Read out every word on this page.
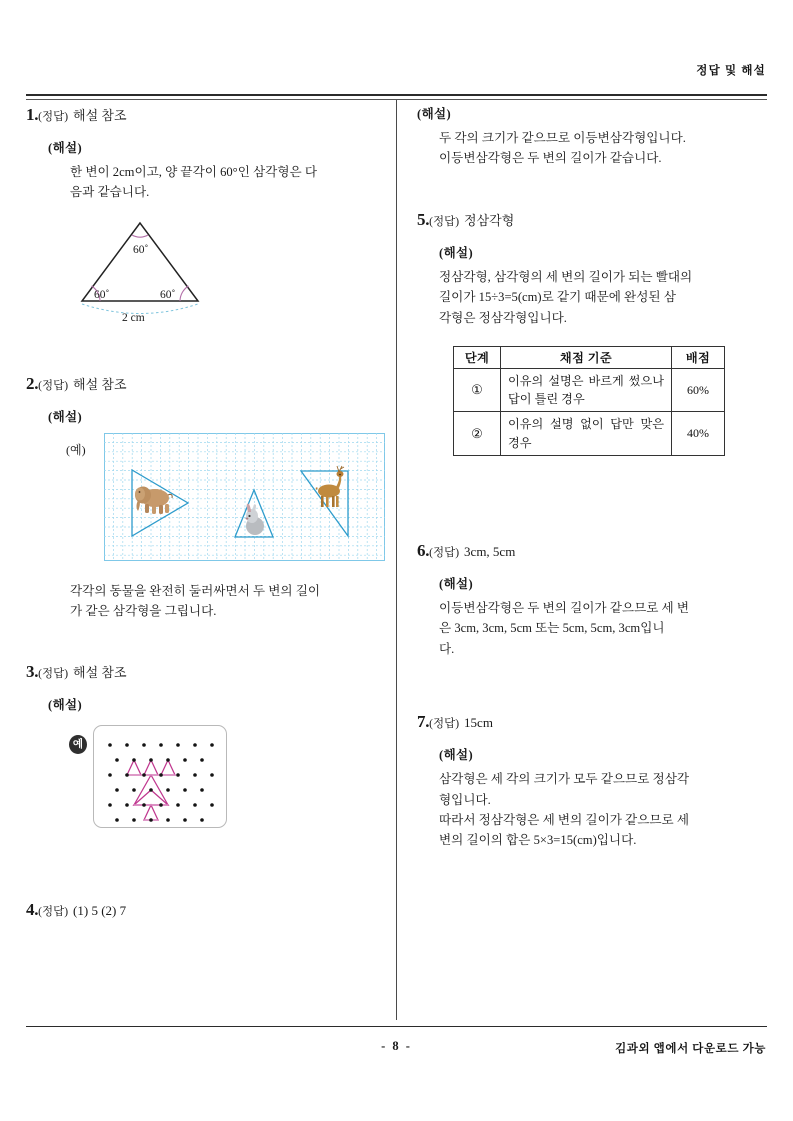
정답 및 해설
1.(정답) 해설 참조
(해설)

한 변이 2cm이고, 양 끝각이 60°인 삼각형은 다

음과 같습니다.

60˚
60˚	60˚
2 cm
2.(정답) 해설 참조
(해설)
(예)

각각의 동물을 완전히 둘러싸면서 두 변의 길이

가 같은 삼각형을 그립니다.

3.(정답) 해설 참조
(해설)
예
4.(정답) (1) 5 (2) 7
(해설)

두 각의 크기가 같으므로 이등변삼각형입니다.

이등변삼각형은 두 변의 길이가 같습니다.

5.(정답) 정삼각형
(해설)

정삼각형, 삼각형의 세 변의 길이가 되는 빨대의

길이가 15÷3=5(cm)로 같기 때문에 완성된 삼

각형은 정삼각형입니다.

단계	채점 기준	배점
①	이유의 설명은 바르게 썼으나 답이 틀린 경우	60%
②	이유의 설명 없이 답만 맞은 경우	40%
6.(정답) 3cm, 5cm
(해설)

이등변삼각형은 두 변의 길이가 같으므로 세 변

은 3cm, 3cm, 5cm 또는 5cm, 5cm, 3cm입니

다.

7.(정답) 15cm
(해설)

삼각형은 세 각의 크기가 모두 같으므로 정삼각

형입니다.

따라서 정삼각형은 세 변의 길이가 같으므로 세

변의 길이의 합은 5×3=15(cm)입니다.

- 8 -	김과외 앱에서 다운로드 가능
